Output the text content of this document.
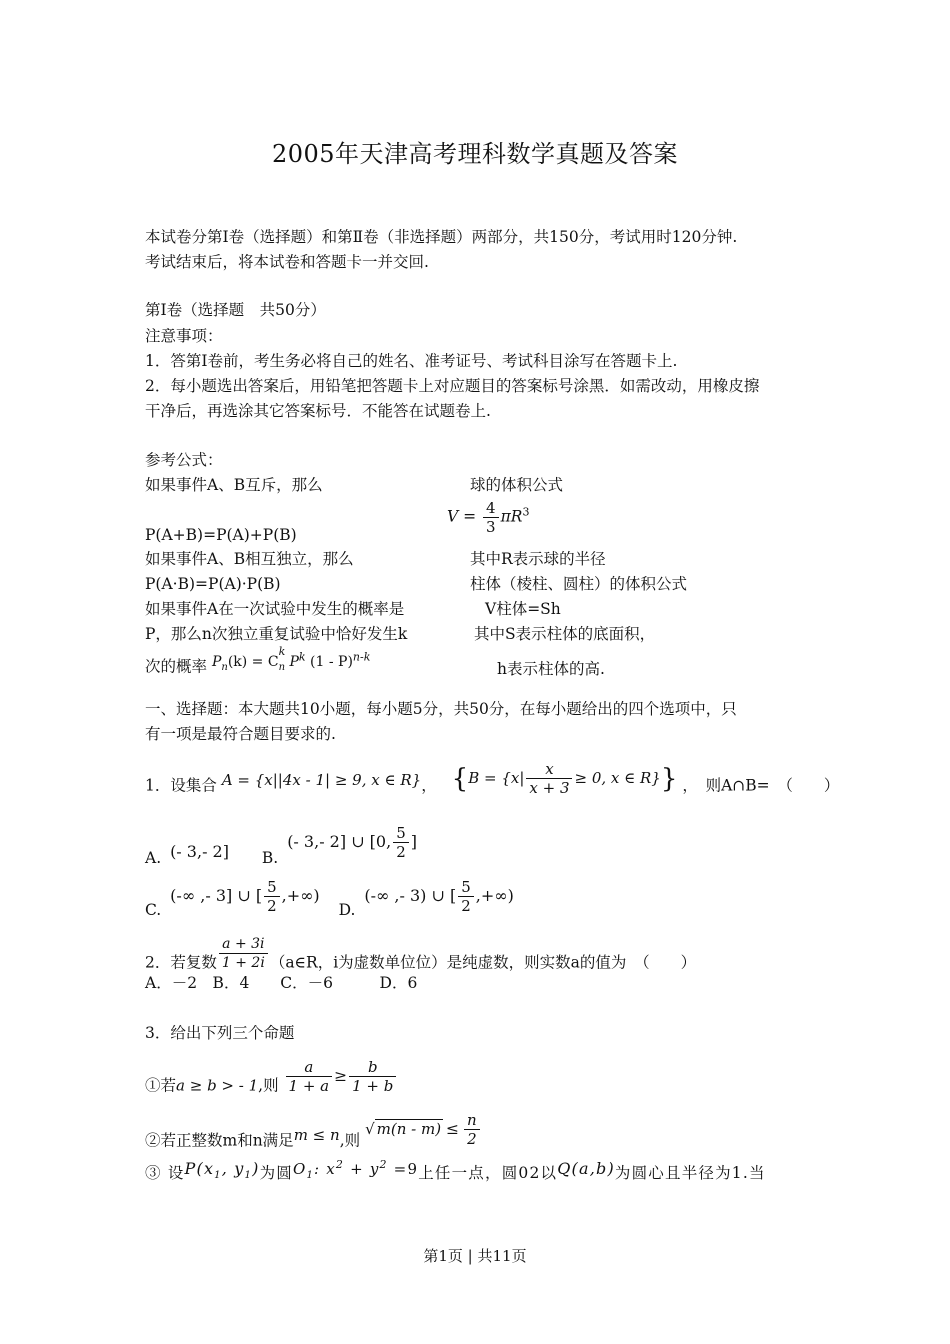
2005年天津高考理科数学真题及答案
本试卷分第Ⅰ卷（选择题）和第Ⅱ卷（非选择题）两部分，共150分，考试用时120分钟.
考试结束后，将本试卷和答题卡一并交回.
第Ⅰ卷（选择题　共50分）
注意事项：
1．答第Ⅰ卷前，考生务必将自己的姓名、准考证号、考试科目涂写在答题卡上.
2．每小题选出答案后，用铅笔把答题卡上对应题目的答案标号涂黑．如需改动，用橡皮擦
干净后，再选涂其它答案标号．不能答在试题卷上.
参考公式：
如果事件A、B互斥，那么
P(A+B)=P(A)+P(B)
如果事件A、B相互独立，那么
P(A·B)=P(A)·P(B)
如果事件A在一次试验中发生的概率是
P，那么n次独立重复试验中恰好发生k
次的概率 $P_n(k) = C$
k
$_n$ $P^k$ (1 - P)$^{n-k}$
球的体积公式
$V = \frac{4}{3} \pi R^3$
其中R表示球的半径
柱体（棱柱、圆柱）的体积公式
V柱体=Sh
其中S表示柱体的底面积，
h表示柱体的高.
一、选择题：本大题共10小题，每小题5分，共50分，在每小题给出的四个选项中，只
有一项是最符合题目要求的.
1．设集合 A = {x||4x - 1| ≥ 9, x ∈ R}， {$B = \{x| \frac{x}{x + 3} \ge 0$, x ∈ R}} ，　则A∩B=　（　　）
A. (- 3,- 2] B. (- 3,- 2] ∪ [0, $\frac{5}{2}$ ]
C. (-∞ ,- 3] ∪ [ $\frac{5}{2}$ ,+∞) D. (-∞ ,- 3) ∪ [ $\frac{5}{2}$ ,+∞)
2．若复数 $\frac{a + 3i}{1 + 2i}$ （a∈R，i为虚数单位位）是纯虚数，则实数a的值为　（　　）
A．－2　B．4　　C．－6　　　D．6
3．给出下列三个命题
①若a ≥ b > - 1,则 $\frac{a}{1 + a} \ge \frac{b}{1 + b}$
②若正整数m和n满足m ≤ n,则 √ $m(n - m) \le \frac{n}{2}$
③ 设$P(x_1$, $y_1$)为圆$O_1$: $x^2 + y^2 =9$上任一点，圆02以Q(a,b)为圆心且半径为1.当
第1页 | 共11页
